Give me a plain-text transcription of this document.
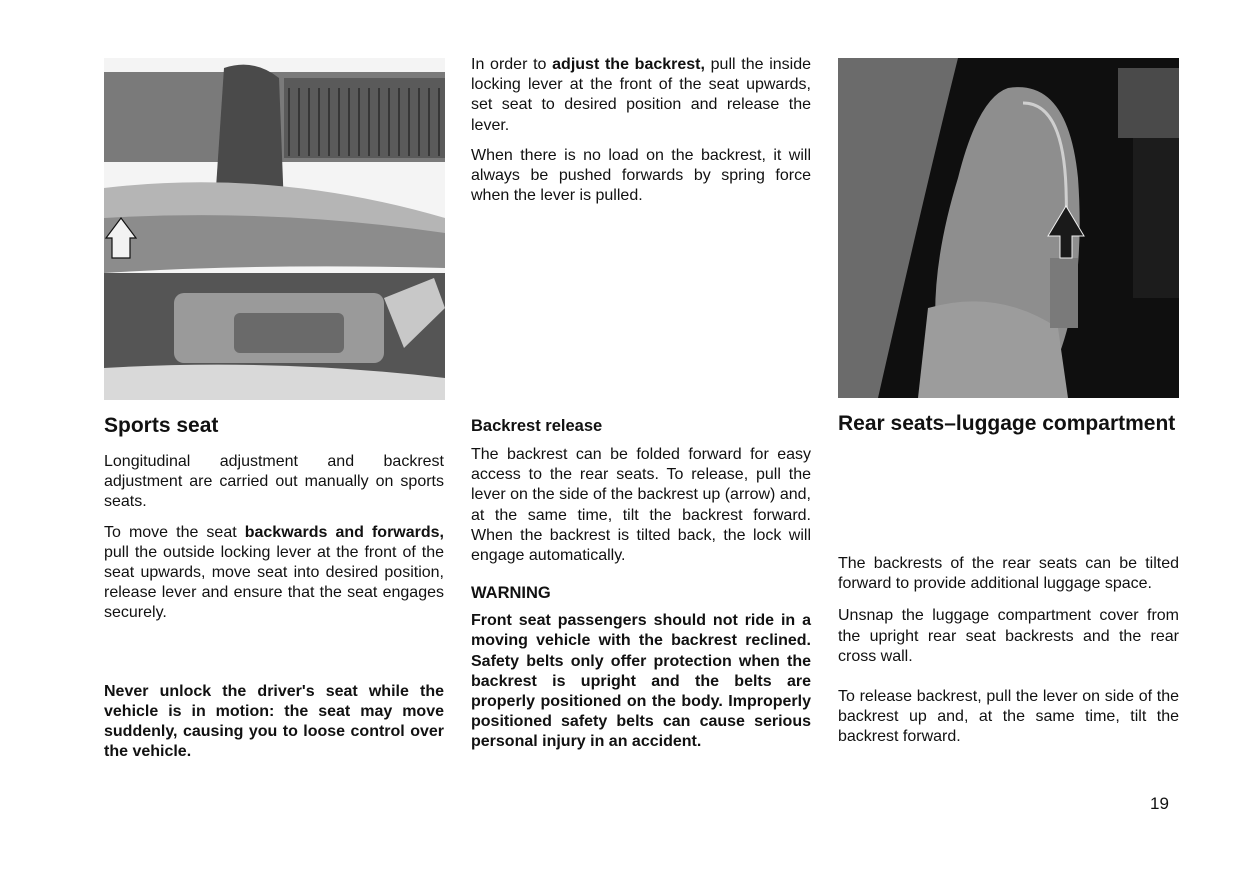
Sports seat

Longitudinal adjustment and backrest adjustment are carried out manually on sports seats.

To move the seat backwards and forwards, pull the outside locking lever at the front of the seat upwards, move seat into desired position, release lever and ensure that the seat engages securely.

Never unlock the driver's seat while the vehicle is in motion: the seat may move suddenly, causing you to loose control over the vehicle.

In order to adjust the backrest, pull the inside locking lever at the front of the seat upwards, set seat to desired position and release the lever.

When there is no load on the backrest, it will always be pushed forwards by spring force when the lever is pulled.

Backrest release

The backrest can be folded forward for easy access to the rear seats. To release, pull the lever on the side of the backrest up (arrow) and, at the same time, tilt the backrest forward. When the backrest is tilted back, the lock will engage automatically.

WARNING

Front seat passengers should not ride in a moving vehicle with the backrest reclined. Safety belts only offer protection when the backrest is upright and the belts are properly positioned on the body. Improperly positioned safety belts can cause serious personal injury in an accident.

Rear seats–luggage compartment

The backrests of the rear seats can be tilted forward to provide additional luggage space.

Unsnap the luggage compartment cover from the upright rear seat backrests and the rear cross wall.

To release backrest, pull the lever on side of the backrest up and, at the same time, tilt the backrest forward.

19
